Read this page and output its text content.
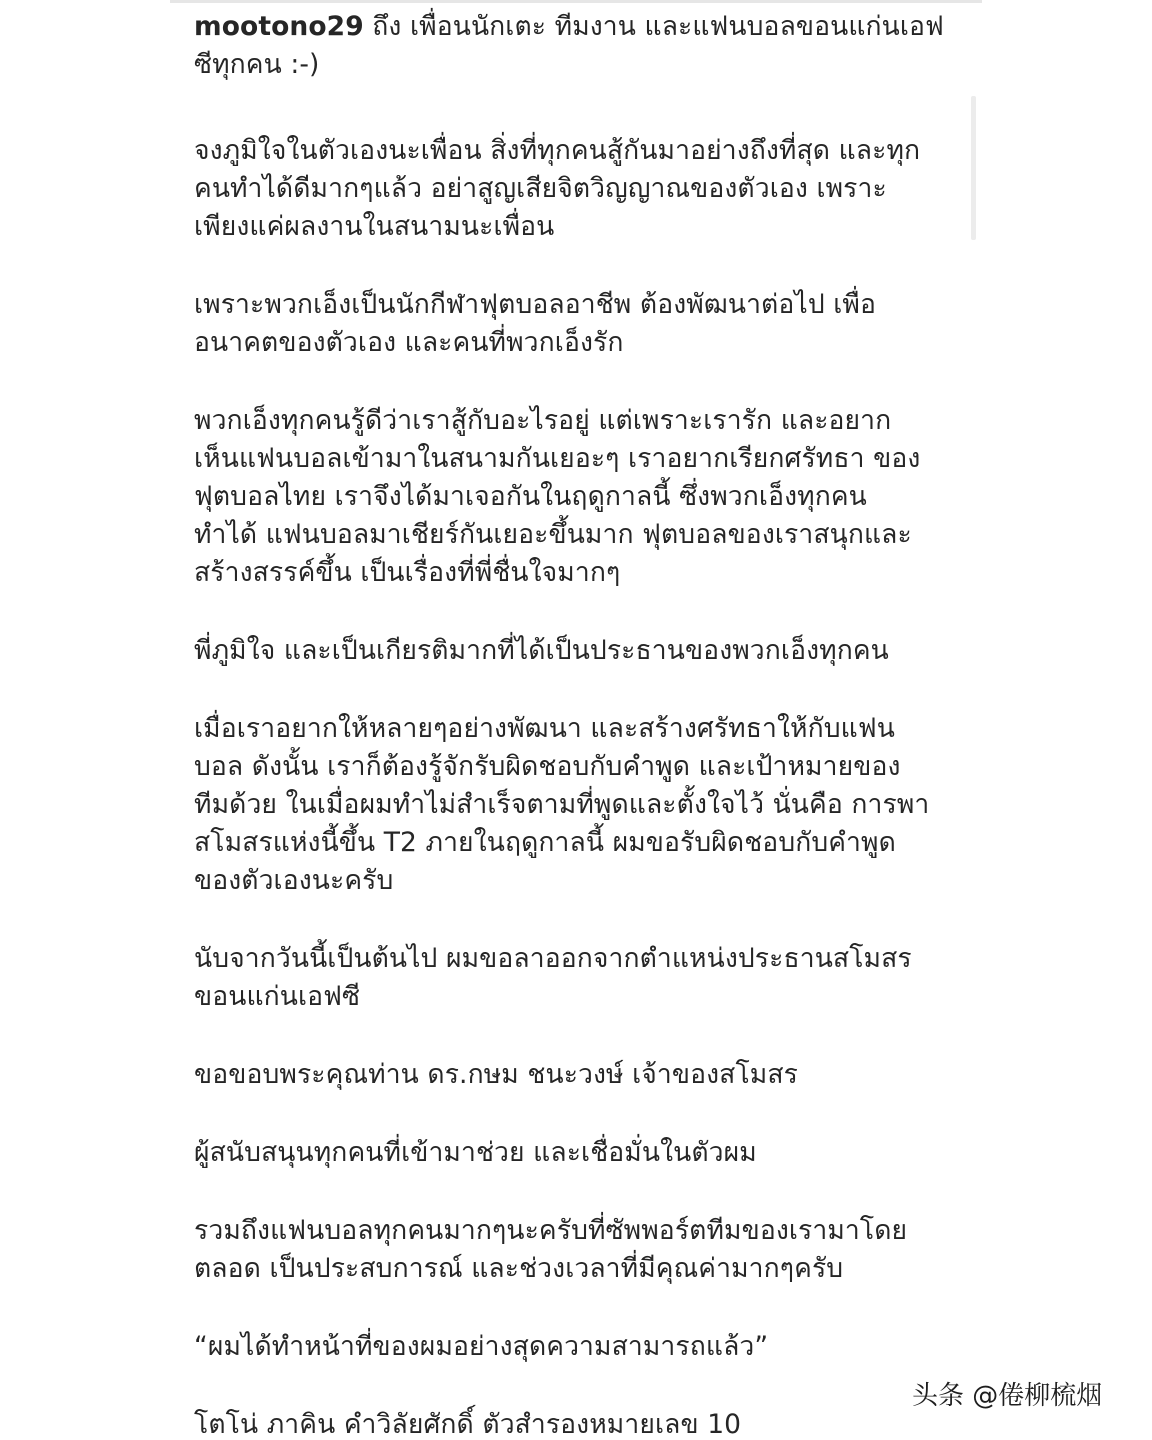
mootono29 ถึง เพื่อนนักเตะ ทีมงาน และแฟนบอลขอนแก่นเอฟ
ซีทุกคน :-)

จงภูมิใจในตัวเองนะเพื่อน สิ่งที่ทุกคนสู้กันมาอย่างถึงที่สุด และทุก
คนทำได้ดีมากๆแล้ว อย่าสูญเสียจิตวิญญาณของตัวเอง เพราะ
เพียงแค่ผลงานในสนามนะเพื่อน

เพราะพวกเอ็งเป็นนักกีฬาฟุตบอลอาชีพ ต้องพัฒนาต่อไป เพื่อ
อนาคตของตัวเอง และคนที่พวกเอ็งรัก

พวกเอ็งทุกคนรู้ดีว่าเราสู้กับอะไรอยู่ แต่เพราะเรารัก และอยาก
เห็นแฟนบอลเข้ามาในสนามกันเยอะๆ เราอยากเรียกศรัทธา ของ
ฟุตบอลไทย เราจึงได้มาเจอกันในฤดูกาลนี้ ซึ่งพวกเอ็งทุกคน
ทำได้ แฟนบอลมาเชียร์กันเยอะขึ้นมาก ฟุตบอลของเราสนุกและ
สร้างสรรค์ขึ้น เป็นเรื่องที่พี่ชื่นใจมากๆ

พี่ภูมิใจ และเป็นเกียรติมากที่ได้เป็นประธานของพวกเอ็งทุกคน

เมื่อเราอยากให้หลายๆอย่างพัฒนา และสร้างศรัทธาให้กับแฟน
บอล ดังนั้น เราก็ต้องรู้จักรับผิดชอบกับคำพูด และเป้าหมายของ
ทีมด้วย ในเมื่อผมทำไม่สำเร็จตามที่พูดและตั้งใจไว้ นั่นคือ การพา
สโมสรแห่งนี้ขึ้น T2 ภายในฤดูกาลนี้ ผมขอรับผิดชอบกับคำพูด
ของตัวเองนะครับ

นับจากวันนี้เป็นต้นไป ผมขอลาออกจากตำแหน่งประธานสโมสร
ขอนแก่นเอฟซี

ขอขอบพระคุณท่าน ดร.กษม ชนะวงษ์ เจ้าของสโมสร

ผู้สนับสนุนทุกคนที่เข้ามาช่วย และเชื่อมั่นในตัวผม

รวมถึงแฟนบอลทุกคนมากๆนะครับที่ซัพพอร์ตทีมของเรามาโดย
ตลอด เป็นประสบการณ์ และช่วงเวลาที่มีคุณค่ามากๆครับ

“ผมได้ทำหน้าที่ของผมอย่างสุดความสามารถแล้ว”

โตโน่ ภาคิน คำวิลัยศักดิ์ ตัวสำรองหมายเลข 10

头条 @倦柳梳烟
